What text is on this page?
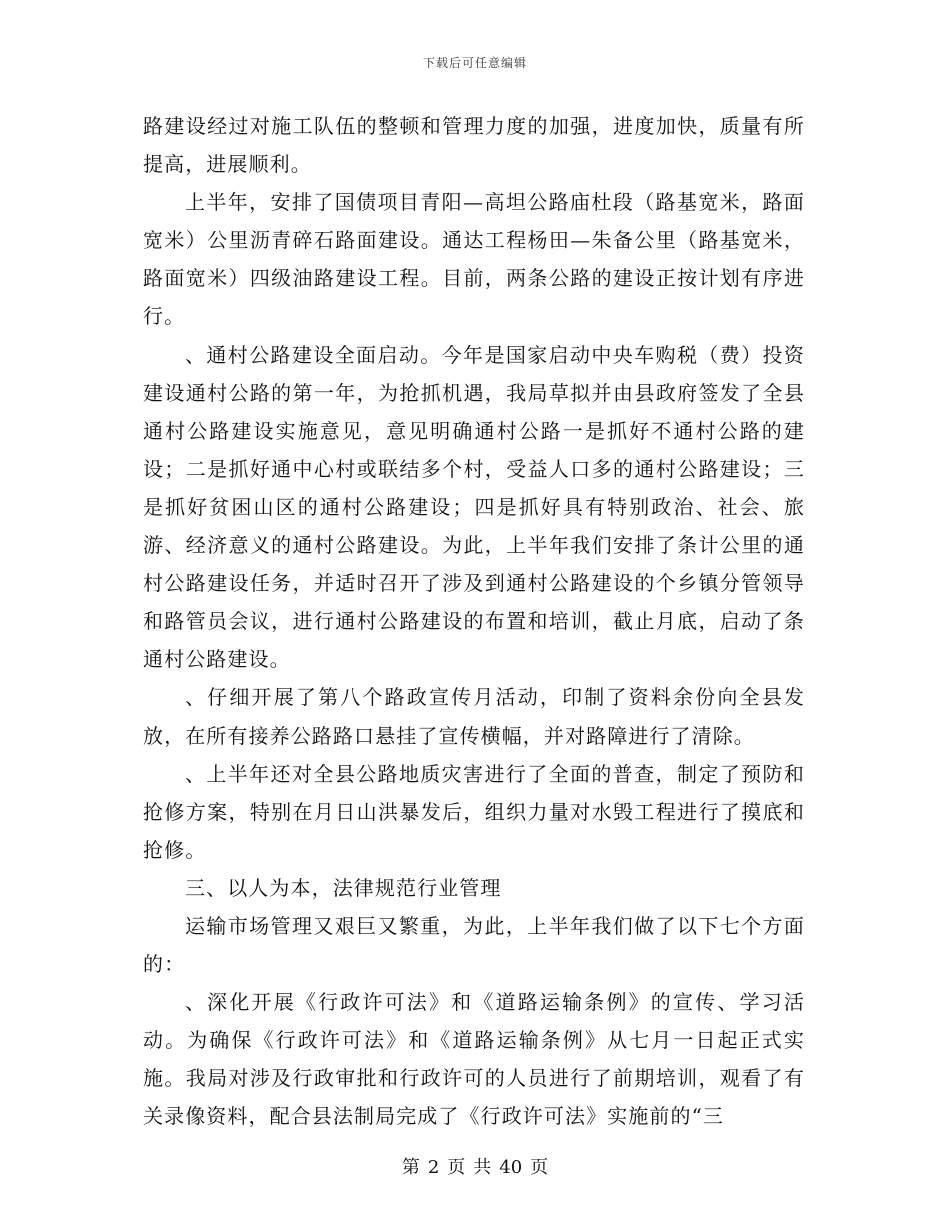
下载后可任意编辑

路建设经过对施工队伍的整顿和管理力度的加强，进度加快，质量有所提高，进展顺利。

上半年，安排了国债项目青阳—高坦公路庙杜段（路基宽米，路面宽米）公里沥青碎石路面建设。通达工程杨田—朱备公里（路基宽米，路面宽米）四级油路建设工程。目前，两条公路的建设正按计划有序进行。

、通村公路建设全面启动。今年是国家启动中央车购税（费）投资建设通村公路的第一年，为抢抓机遇，我局草拟并由县政府签发了全县通村公路建设实施意见，意见明确通村公路一是抓好不通村公路的建设；二是抓好通中心村或联结多个村，受益人口多的通村公路建设；三是抓好贫困山区的通村公路建设；四是抓好具有特别政治、社会、旅游、经济意义的通村公路建设。为此，上半年我们安排了条计公里的通村公路建设任务，并适时召开了涉及到通村公路建设的个乡镇分管领导和路管员会议，进行通村公路建设的布置和培训，截止月底，启动了条通村公路建设。

、仔细开展了第八个路政宣传月活动，印制了资料余份向全县发放，在所有接养公路路口悬挂了宣传横幅，并对路障进行了清除。

、上半年还对全县公路地质灾害进行了全面的普查，制定了预防和抢修方案，特别在月日山洪暴发后，组织力量对水毁工程进行了摸底和抢修。

三、以人为本，法律规范行业管理

运输市场管理又艰巨又繁重，为此，上半年我们做了以下七个方面的：

、深化开展《行政许可法》和《道路运输条例》的宣传、学习活动。为确保《行政许可法》和《道路运输条例》从七月一日起正式实施。我局对涉及行政审批和行政许可的人员进行了前期培训，观看了有关录像资料，配合县法制局完成了《行政许可法》实施前的“三

第 2 页 共 40 页
